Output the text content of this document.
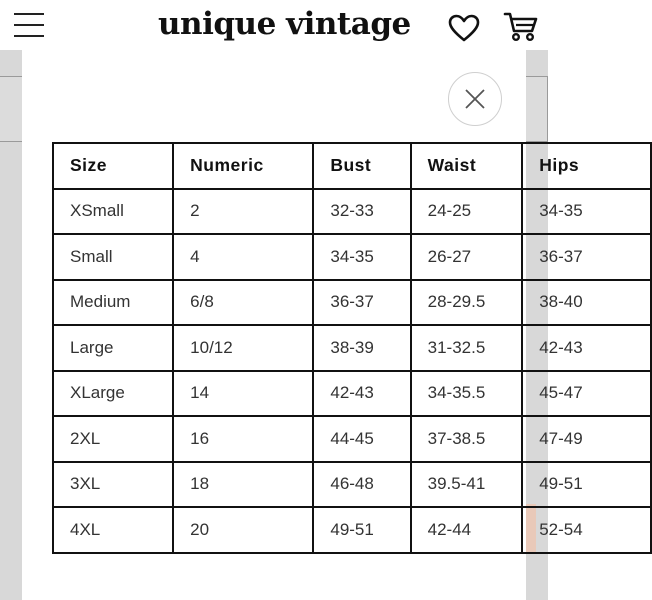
unique vintage
Size	Numeric	Bust	Waist	Hips
XSmall	2	32-33	24-25	34-35
Small	4	34-35	26-27	36-37
Medium	6/8	36-37	28-29.5	38-40
Large	10/12	38-39	31-32.5	42-43
XLarge	14	42-43	34-35.5	45-47
2XL	16	44-45	37-38.5	47-49
3XL	18	46-48	39.5-41	49-51
4XL	20	49-51	42-44	52-54
